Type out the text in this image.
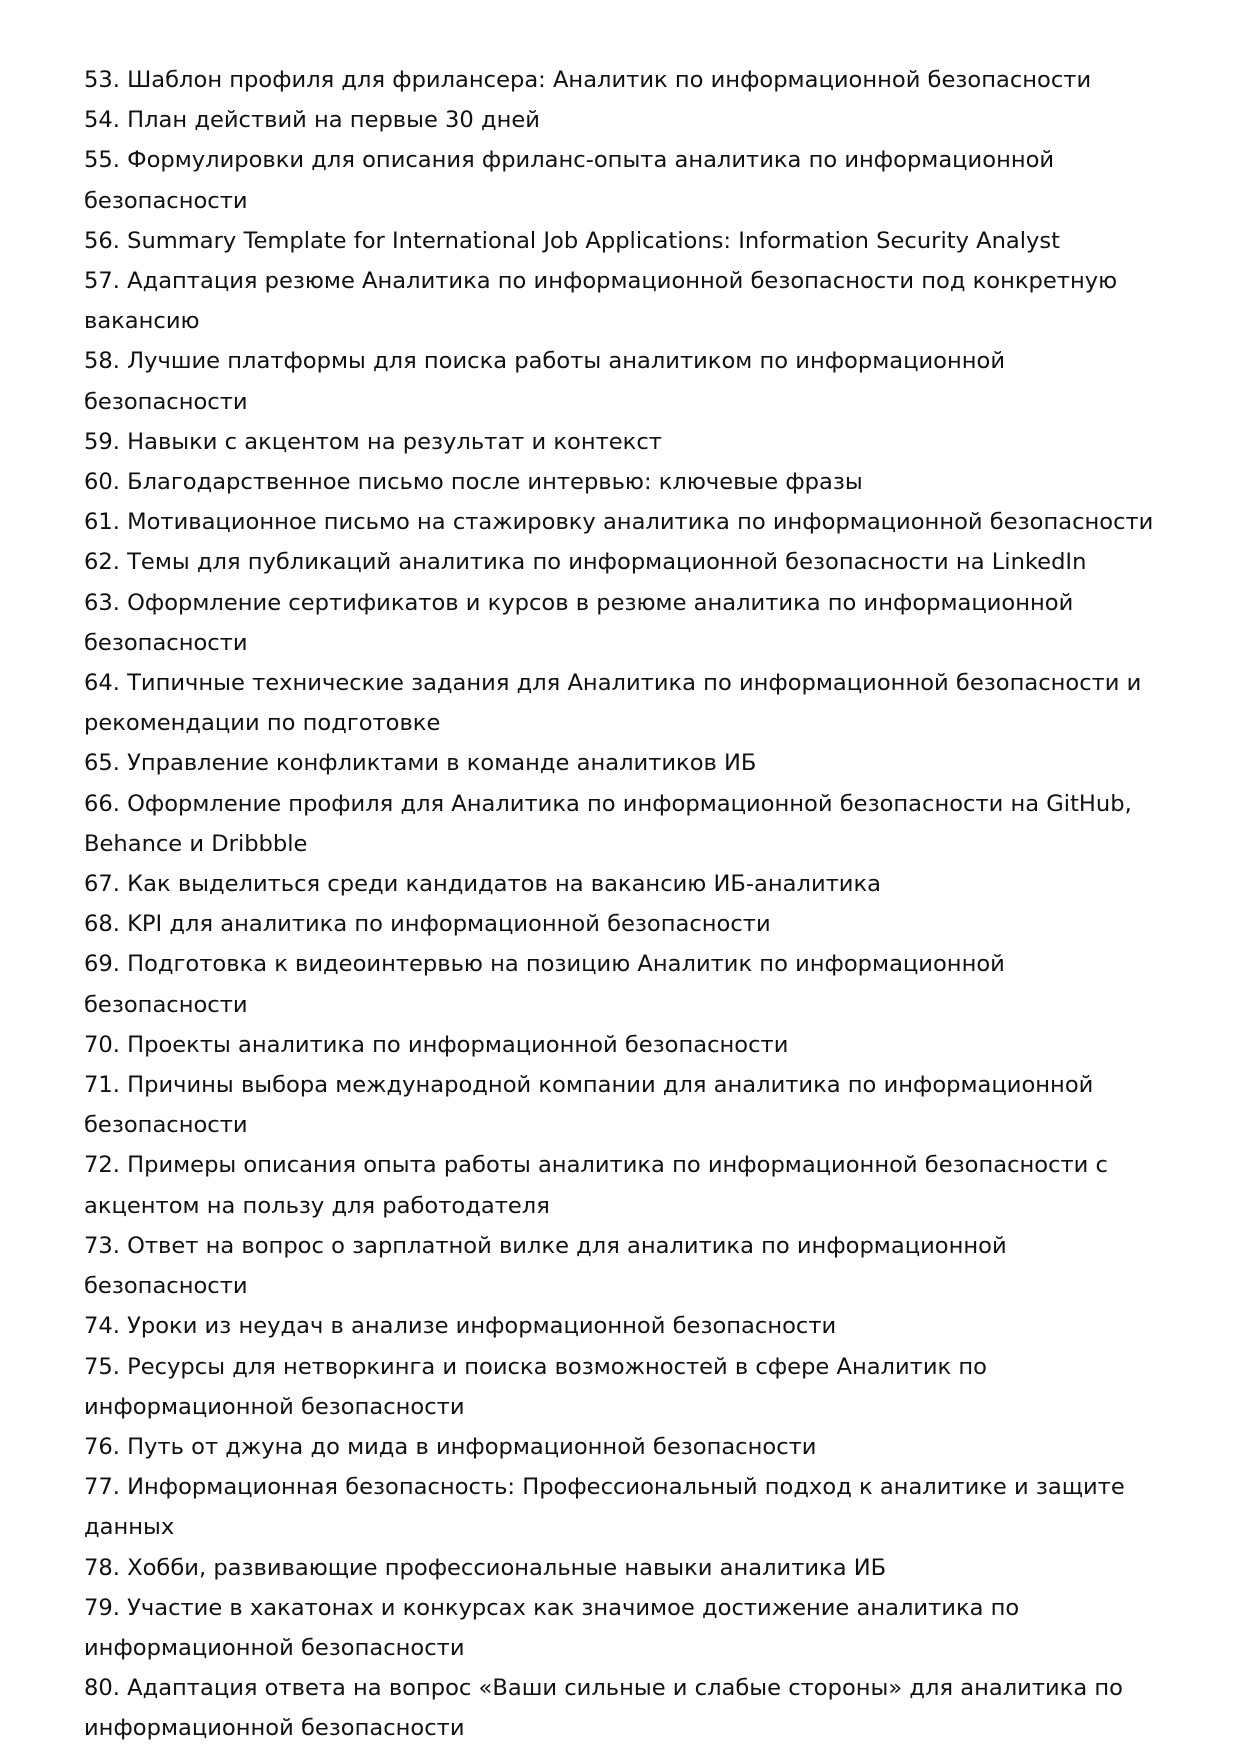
53. Шаблон профиля для фрилансера: Аналитик по информационной безопасности
54. План действий на первые 30 дней
55. Формулировки для описания фриланс-опыта аналитика по информационной безопасности
56. Summary Template for International Job Applications: Information Security Analyst
57. Адаптация резюме Аналитика по информационной безопасности под конкретную вакансию
58. Лучшие платформы для поиска работы аналитиком по информационной безопасности
59. Навыки с акцентом на результат и контекст
60. Благодарственное письмо после интервью: ключевые фразы
61. Мотивационное письмо на стажировку аналитика по информационной безопасности
62. Темы для публикаций аналитика по информационной безопасности на LinkedIn
63. Оформление сертификатов и курсов в резюме аналитика по информационной безопасности
64. Типичные технические задания для Аналитика по информационной безопасности и рекомендации по подготовке
65. Управление конфликтами в команде аналитиков ИБ
66. Оформление профиля для Аналитика по информационной безопасности на GitHub, Behance и Dribbble
67. Как выделиться среди кандидатов на вакансию ИБ-аналитика
68. KPI для аналитика по информационной безопасности
69. Подготовка к видеоинтервью на позицию Аналитик по информационной безопасности
70. Проекты аналитика по информационной безопасности
71. Причины выбора международной компании для аналитика по информационной безопасности
72. Примеры описания опыта работы аналитика по информационной безопасности с акцентом на пользу для работодателя
73. Ответ на вопрос о зарплатной вилке для аналитика по информационной безопасности
74. Уроки из неудач в анализе информационной безопасности
75. Ресурсы для нетворкинга и поиска возможностей в сфере Аналитик по информационной безопасности
76. Путь от джуна до мида в информационной безопасности
77. Информационная безопасность: Профессиональный подход к аналитике и защите данных
78. Хобби, развивающие профессиональные навыки аналитика ИБ
79. Участие в хакатонах и конкурсах как значимое достижение аналитика по информационной безопасности
80. Адаптация ответа на вопрос «Ваши сильные и слабые стороны» для аналитика по информационной безопасности
